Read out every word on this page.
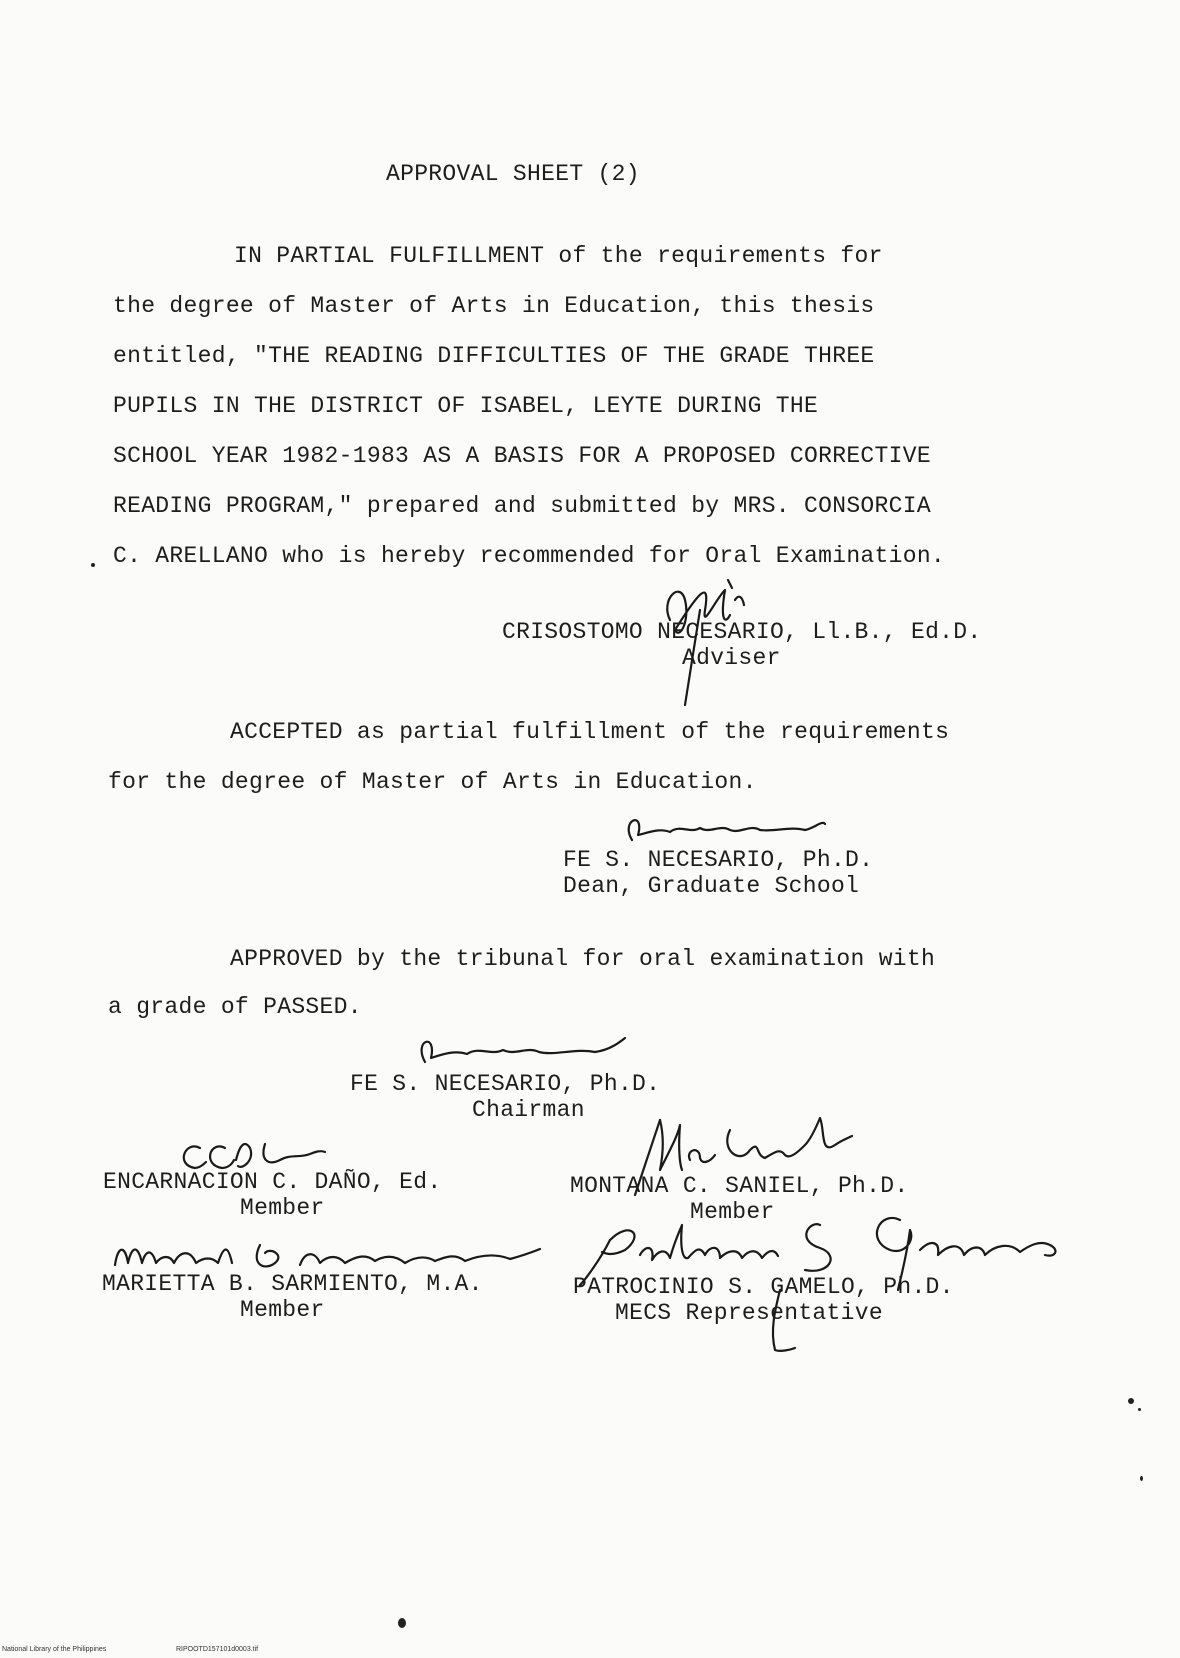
APPROVAL SHEET (2)
IN PARTIAL FULFILLMENT of the requirements for
the degree of Master of Arts in Education, this thesis
entitled, "THE READING DIFFICULTIES OF THE GRADE THREE
PUPILS IN THE DISTRICT OF ISABEL, LEYTE DURING THE
SCHOOL YEAR 1982-1983 AS A BASIS FOR A PROPOSED CORRECTIVE
READING PROGRAM," prepared and submitted by MRS. CONSORCIA
C. ARELLANO who is hereby recommended for Oral Examination.
CRISOSTOMO NECESARIO, Ll.B., Ed.D.
Adviser
ACCEPTED as partial fulfillment of the requirements
for the degree of Master of Arts in Education.
FE S. NECESARIO, Ph.D.
Dean, Graduate School
APPROVED by the tribunal for oral examination with
a grade of PASSED.
FE S. NECESARIO, Ph.D.
Chairman
ENCARNACION C. DAÑO, Ed.
Member
MONTANA C. SANIEL, Ph.D.
Member
MARIETTA B. SARMIENTO, M.A.
Member
PATROCINIO S. GAMELO, Ph.D.
MECS Representative
National Library of the Philippines	RIPOOTD157101d0003.tif
